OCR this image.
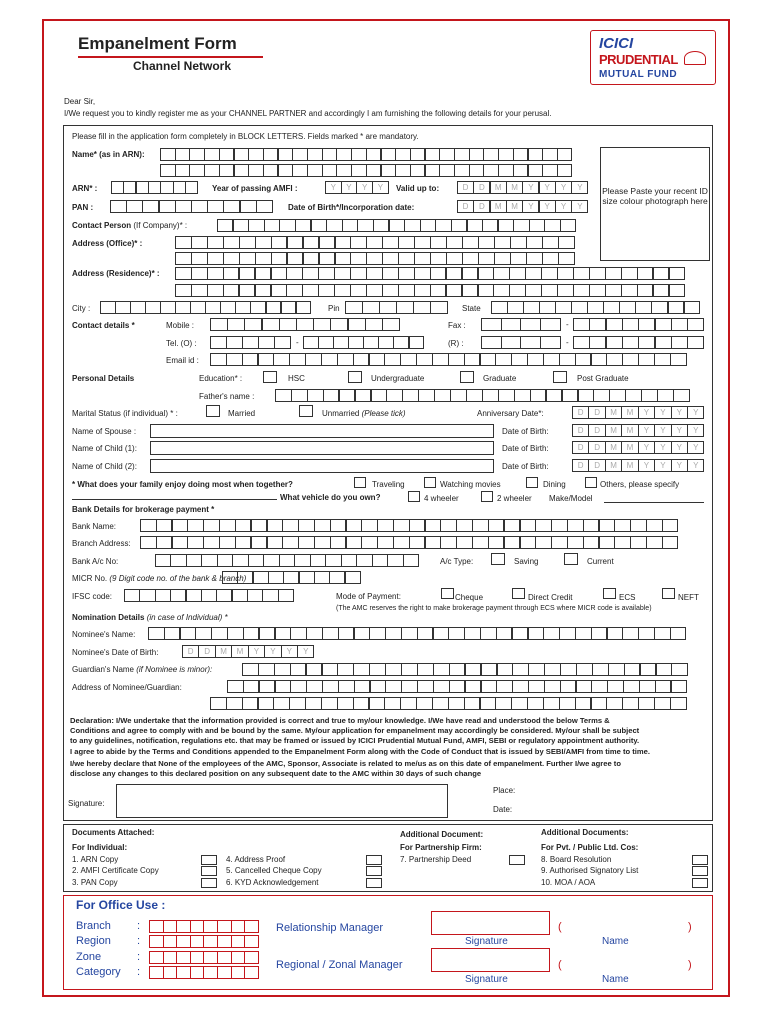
Empanelment Form
Channel Network
ICICI
PRUDENTIAL
MUTUAL FUND
Dear Sir,
I/We request you to kindly register me as your CHANNEL PARTNER and accordingly I am furnishing the following details for your perusal.
Please fill in the application form completely in BLOCK LETTERS. Fields marked * are mandatory.
Please Paste your recent ID size colour photograph here
Name* (as in ARN):
ARN* :	Year of passing AMFI :	Y	Y	Y	Y	Valid up to:	D	D	M	M	Y	Y	Y	Y
PAN :	Date of Birth*/Incorporation date:	D	D	M	M	Y	Y	Y	Y
Contact Person (If Company)* :
Address (Office)* :
Address (Residence)* :
City :	Pin	State
Contact details *	Mobile :	Fax :	-
Tel. (O) :	-	(R) :	-
Email id :
Personal Details	Education* :	HSC	Undergraduate	Graduate	Post Graduate
Father's name :
Marital Status (if individual) * :	Married	Unmarried (Please tick)	Anniversary Date*:	D	D	M	M	Y	Y	Y	Y
Name of Spouse :	Date of Birth:	D	D	M	M	Y	Y	Y	Y
Name of Child (1):	Date of Birth:	D	D	M	M	Y	Y	Y	Y
Name of Child (2):	Date of Birth:	D	D	M	M	Y	Y	Y	Y
* What does your family enjoy doing most when together?	Traveling	Watching movies	Dining	Others, please specify
What vehicle do you own?	4 wheeler	2 wheeler Make/Model
Bank Details for brokerage payment *
Bank Name:
Branch Address:
Bank A/c No:	A/c Type:	Saving	Current
MICR No. (9 Digit code no. of the bank & branch)
IFSC code:	Mode of Payment:	Cheque	Direct Credit	ECS	NEFT
(The AMC reserves the right to make brokerage payment through ECS where MICR code is available)
Nomination Details (in case of Individual) *
Nominee's Name:
Nominee's Date of Birth:	D	D	M	M	Y	Y	Y	Y
Guardian's Name (if Nominee is minor):
Address of Nominee/Guardian:
Declaration: I/We undertake that the information provided is correct and true to my/our knowledge. I/We have read and understood the below Terms &
Conditions and agree to comply with and be bound by the same. My/our application for empanelment may accordingly be considered. My/our shall be subject
to any guidelines, notification, regulations etc. that may be framed or issued by ICICI Prudential Mutual Fund, AMFI, SEBI or regulatory appointment authority.
I agree to abide by the Terms and Conditions appended to the Empanelment Form along with the Code of Conduct that is issued by SEBI/AMFI from time to time.
I/we hereby declare that None of the employees of the AMC, Sponsor, Associate is related to me/us as on this date of empanelment. Further I/we agree to
disclose any changes to this declared position on any subsequent date to the AMC within 30 days of such change
Signature:
Place:
Date:
Documents Attached:
For Individual:
1. ARN Copy
2. AMFI Certificate Copy
3. PAN Copy
4. Address Proof
5. Cancelled Cheque Copy
6. KYD Acknowledgement
Additional Document:
For Partnership Firm:
7. Partnership Deed
Additional Documents:
For Pvt. / Public Ltd. Cos:
8. Board Resolution
9. Authorised Signatory List
10. MOA / AOA
For Office Use :
Branch
Region
Zone
Category
:
:
:
:
Relationship Manager
Signature
(	)
Name
Regional / Zonal Manager
Signature
(	)
Name
